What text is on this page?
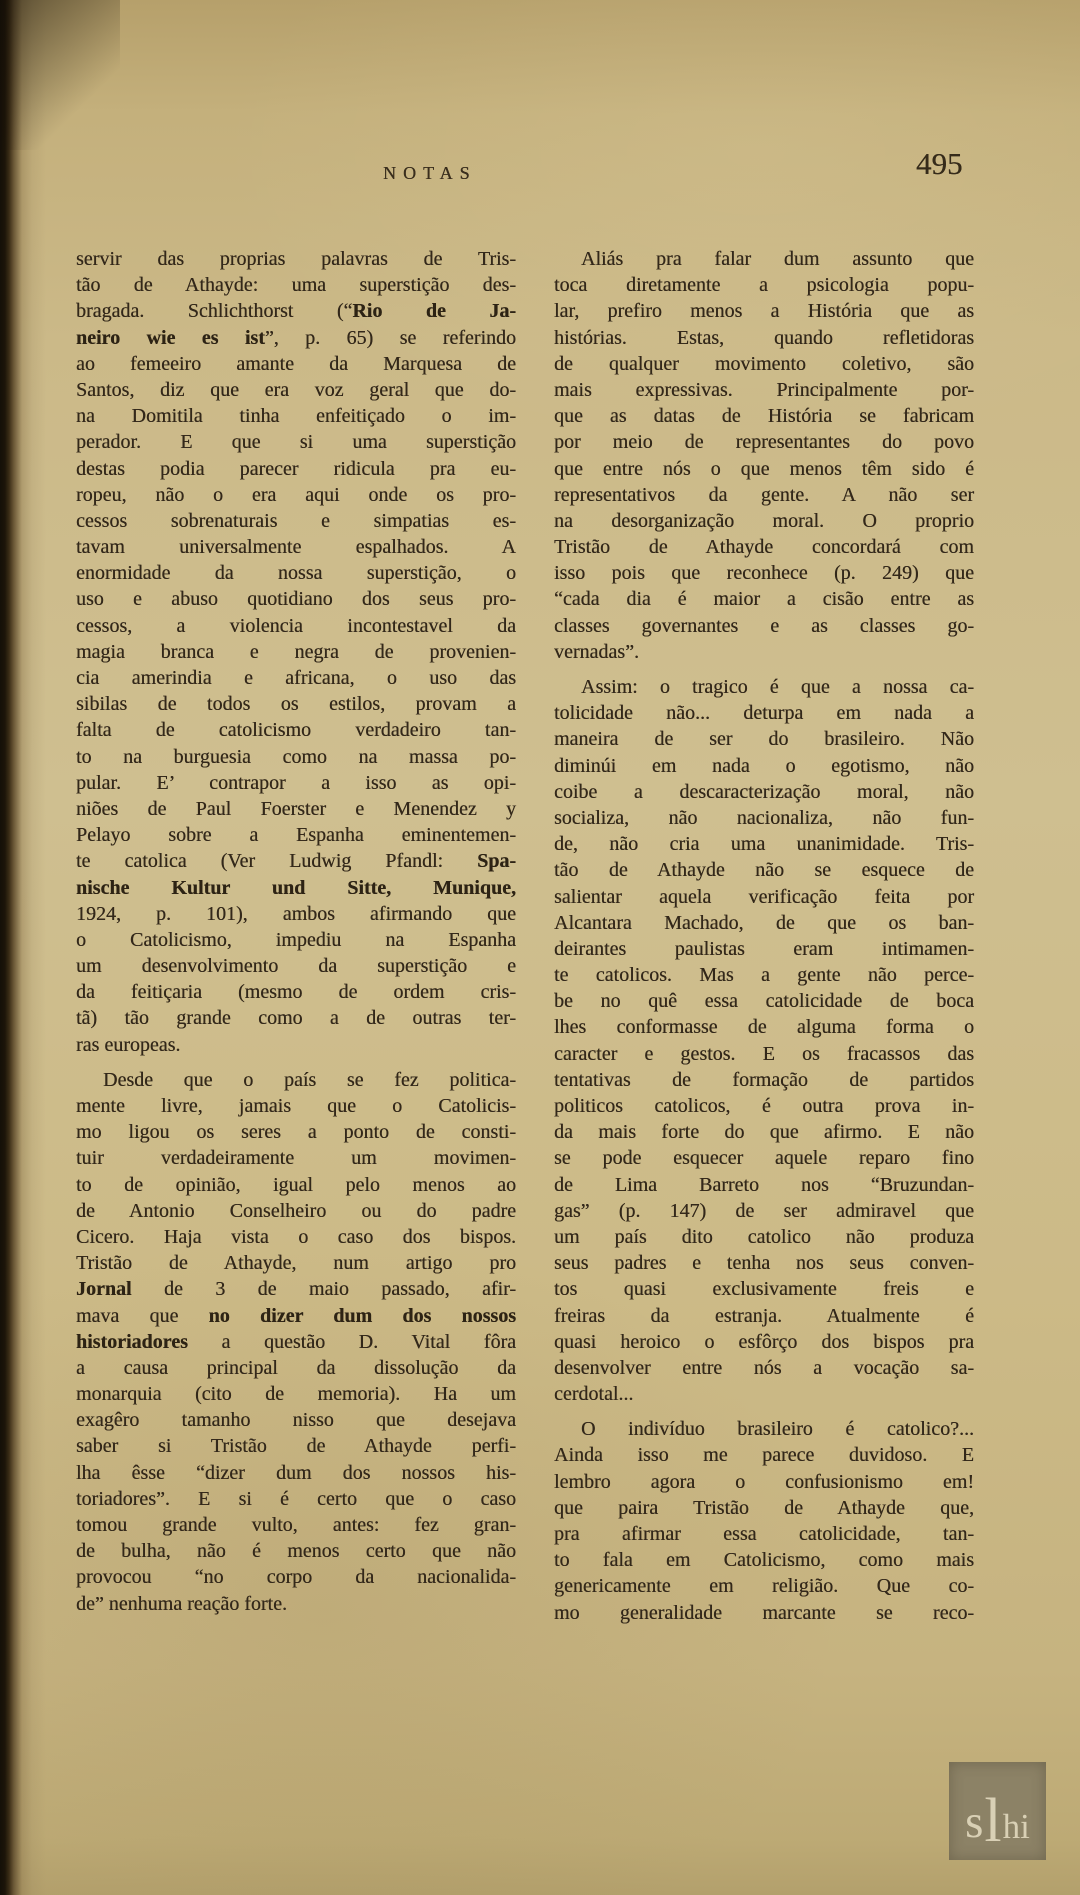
NOTAS	495
servir das proprias palavras de Tris-
tão de Athayde: uma superstição des-
bragada. Schlichthorst (“Rio de Ja-
neiro wie es ist”, p. 65) se referindo
ao femeeiro amante da Marquesa de
Santos, diz que era voz geral que do-
na Domitila tinha enfeitiçado o im-
perador. E que si uma superstição
destas podia parecer ridicula pra eu-
ropeu, não o era aqui onde os pro-
cessos sobrenaturais e simpatias es-
tavam universalmente espalhados. A
enormidade da nossa superstição, o
uso e abuso quotidiano dos seus pro-
cessos, a violencia incontestavel da
magia branca e negra de provenien-
cia amerindia e africana, o uso das
sibilas de todos os estilos, provam a
falta de catolicismo verdadeiro tan-
to na burguesia como na massa po-
pular. E’ contrapor a isso as opi-
niões de Paul Foerster e Menendez y
Pelayo sobre a Espanha eminentemen-
te catolica (Ver Ludwig Pfandl: Spa-
nische Kultur und Sitte, Munique,
1924, p. 101), ambos afirmando que
o Catolicismo, impediu na Espanha
um desenvolvimento da superstição e
da feitiçaria (mesmo de ordem cris-
tã) tão grande como a de outras ter-
ras europeas.
Desde que o país se fez politica-
mente livre, jamais que o Catolicis-
mo ligou os seres a ponto de consti-
tuir verdadeiramente um movimen-
to de opinião, igual pelo menos ao
de Antonio Conselheiro ou do padre
Cicero. Haja vista o caso dos bispos.
Tristão de Athayde, num artigo pro
Jornal de 3 de maio passado, afir-
mava que no dizer dum dos nossos
historiadores a questão D. Vital fôra
a causa principal da dissolução da
monarquia (cito de memoria). Ha um
exagêro tamanho nisso que desejava
saber si Tristão de Athayde perfi-
lha êsse “dizer dum dos nossos his-
toriadores”. E si é certo que o caso
tomou grande vulto, antes: fez gran-
de bulha, não é menos certo que não
provocou “no corpo da nacionalida-
de” nenhuma reação forte.
Aliás pra falar dum assunto que
toca diretamente a psicologia popu-
lar, prefiro menos a História que as
histórias. Estas, quando refletidoras
de qualquer movimento coletivo, são
mais expressivas. Principalmente por-
que as datas de História se fabricam
por meio de representantes do povo
que entre nós o que menos têm sido é
representativos da gente. A não ser
na desorganização moral. O proprio
Tristão de Athayde concordará com
isso pois que reconhece (p. 249) que
“cada dia é maior a cisão entre as
classes governantes e as classes go-
vernadas”.
Assim: o tragico é que a nossa ca-
tolicidade não... deturpa em nada a
maneira de ser do brasileiro. Não
diminúi em nada o egotismo, não
coibe a descaracterização moral, não
socializa, não nacionaliza, não fun-
de, não cria uma unanimidade. Tris-
tão de Athayde não se esquece de
salientar aquela verificação feita por
Alcantara Machado, de que os ban-
deirantes paulistas eram intimamen-
te catolicos. Mas a gente não perce-
be no quê essa catolicidade de boca
lhes conformasse de alguma forma o
caracter e gestos. E os fracassos das
tentativas de formação de partidos
politicos catolicos, é outra prova in-
da mais forte do que afirmo. E não
se pode esquecer aquele reparo fino
de Lima Barreto nos “Bruzundan-
gas” (p. 147) de ser admiravel que
um país dito catolico não produza
seus padres e tenha nos seus conven-
tos quasi exclusivamente freis e
freiras da estranja. Atualmente é
quasi heroico o esfôrço dos bispos pra
desenvolver entre nós a vocação sa-
cerdotal...
O indivíduo brasileiro é catolico?...
Ainda isso me parece duvidoso. E
lembro agora o confusionismo em!
que paira Tristão de Athayde que,
pra afirmar essa catolicidade, tan-
to fala em Catolicismo, como mais
genericamente em religião. Que co-
mo generalidade marcante se reco-
s l hi
